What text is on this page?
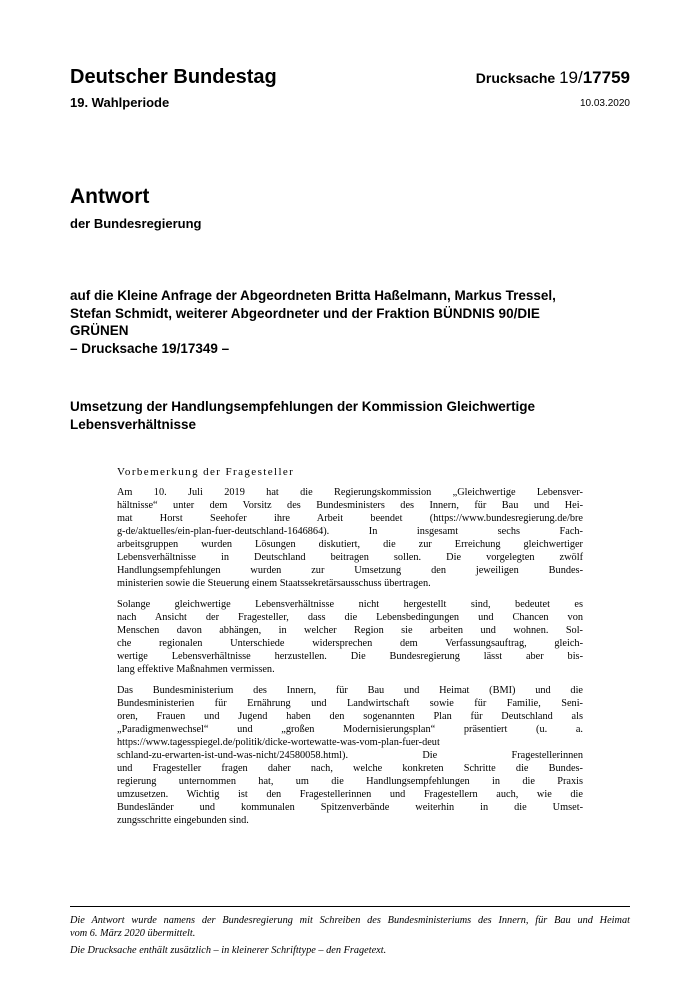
Deutscher Bundestag
19. Wahlperiode
Drucksache 19/17759
10.03.2020
Antwort
der Bundesregierung
auf die Kleine Anfrage der Abgeordneten Britta Haßelmann, Markus Tressel,
Stefan Schmidt, weiterer Abgeordneter und der Fraktion BÜNDNIS 90/DIE
GRÜNEN
– Drucksache 19/17349 –
Umsetzung der Handlungsempfehlungen der Kommission Gleichwertige
Lebensverhältnisse
Vorbemerkung der Fragesteller
Am 10. Juli 2019 hat die Regierungskommission „Gleichwertige Lebensver-
hältnisse“ unter dem Vorsitz des Bundesministers des Innern, für Bau und Hei-
mat Horst Seehofer ihre Arbeit beendet (https://www.bundesregierung.de/bre
g-de/aktuelles/ein-plan-fuer-deutschland-1646864). In insgesamt sechs Fach-
arbeitsgruppen wurden Lösungen diskutiert, die zur Erreichung gleichwertiger
Lebensverhältnisse in Deutschland beitragen sollen. Die vorgelegten zwölf
Handlungsempfehlungen wurden zur Umsetzung den jeweiligen Bundes-
ministerien sowie die Steuerung einem Staatssekretärsausschuss übertragen.
Solange gleichwertige Lebensverhältnisse nicht hergestellt sind, bedeutet es
nach Ansicht der Fragesteller, dass die Lebensbedingungen und Chancen von
Menschen davon abhängen, in welcher Region sie arbeiten und wohnen. Sol-
che regionalen Unterschiede widersprechen dem Verfassungsauftrag, gleich-
wertige Lebensverhältnisse herzustellen. Die Bundesregierung lässt aber bis-
lang effektive Maßnahmen vermissen.
Das Bundesministerium des Innern, für Bau und Heimat (BMI) und die
Bundesministerien für Ernährung und Landwirtschaft sowie für Familie, Seni-
oren, Frauen und Jugend haben den sogenannten Plan für Deutschland als
„Paradigmenwechsel“ und „großen Modernisierungsplan“ präsentiert (u. a.
https://www.tagesspiegel.de/politik/dicke-wortewatte-was-vom-plan-fuer-deut
schland-zu-erwarten-ist-und-was-nicht/24580058.html). Die Fragestellerinnen
und Fragesteller fragen daher nach, welche konkreten Schritte die Bundes-
regierung unternommen hat, um die Handlungsempfehlungen in die Praxis
umzusetzen. Wichtig ist den Fragestellerinnen und Fragestellern auch, wie die
Bundesländer und kommunalen Spitzenverbände weiterhin in die Umset-
zungsschritte eingebunden sind.
Die Antwort wurde namens der Bundesregierung mit Schreiben des Bundesministeriums des Innern, für Bau und Heimat
vom 6. März 2020 übermittelt.
Die Drucksache enthält zusätzlich – in kleinerer Schrifttype – den Fragetext.
